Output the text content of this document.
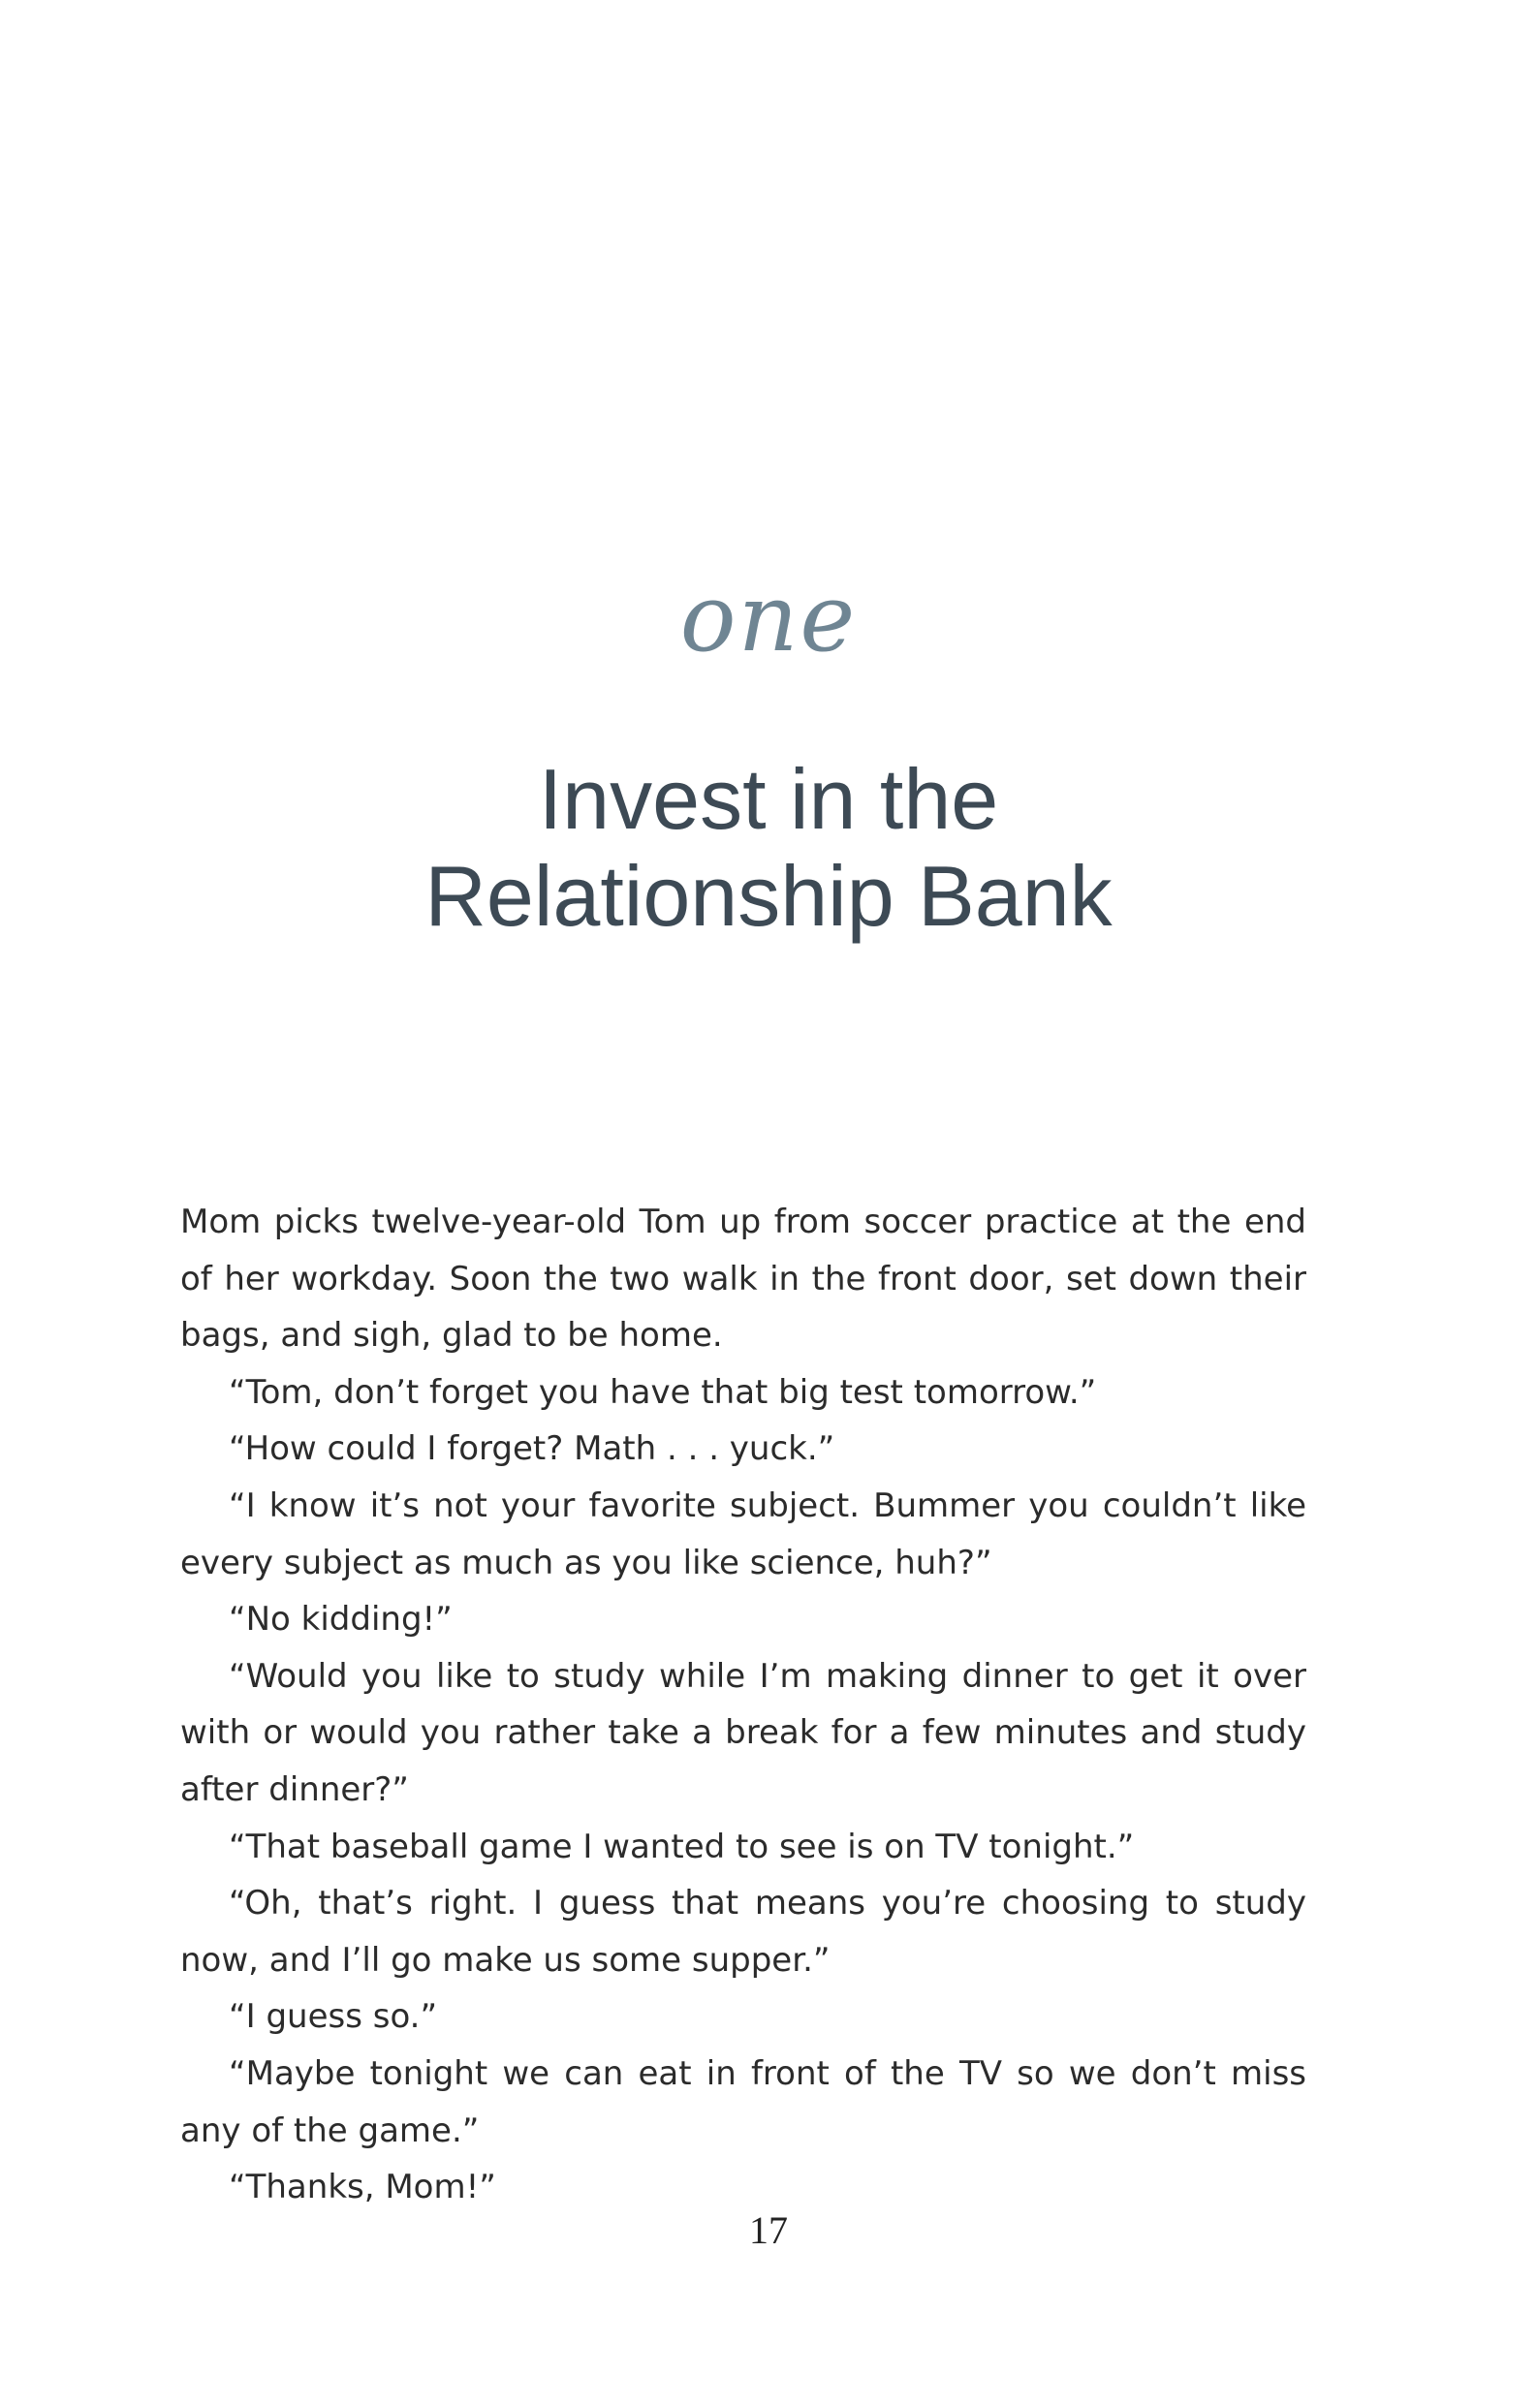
one
Invest in the
Relationship Bank

Mom picks twelve-year-old Tom up from soccer practice at the end of her workday. Soon the two walk in the front door, set down their bags, and sigh, glad to be home.

“Tom, don’t forget you have that big test tomorrow.”

“How could I forget? Math . . . yuck.”

“I know it’s not your favorite subject. Bummer you couldn’t like every subject as much as you like science, huh?”

“No kidding!”

“Would you like to study while I’m making dinner to get it over with or would you rather take a break for a few minutes and study after dinner?”

“That baseball game I wanted to see is on TV tonight.”

“Oh, that’s right. I guess that means you’re choosing to study now, and I’ll go make us some supper.”

“I guess so.”

“Maybe tonight we can eat in front of the TV so we don’t miss any of the game.”

“Thanks, Mom!”

17
